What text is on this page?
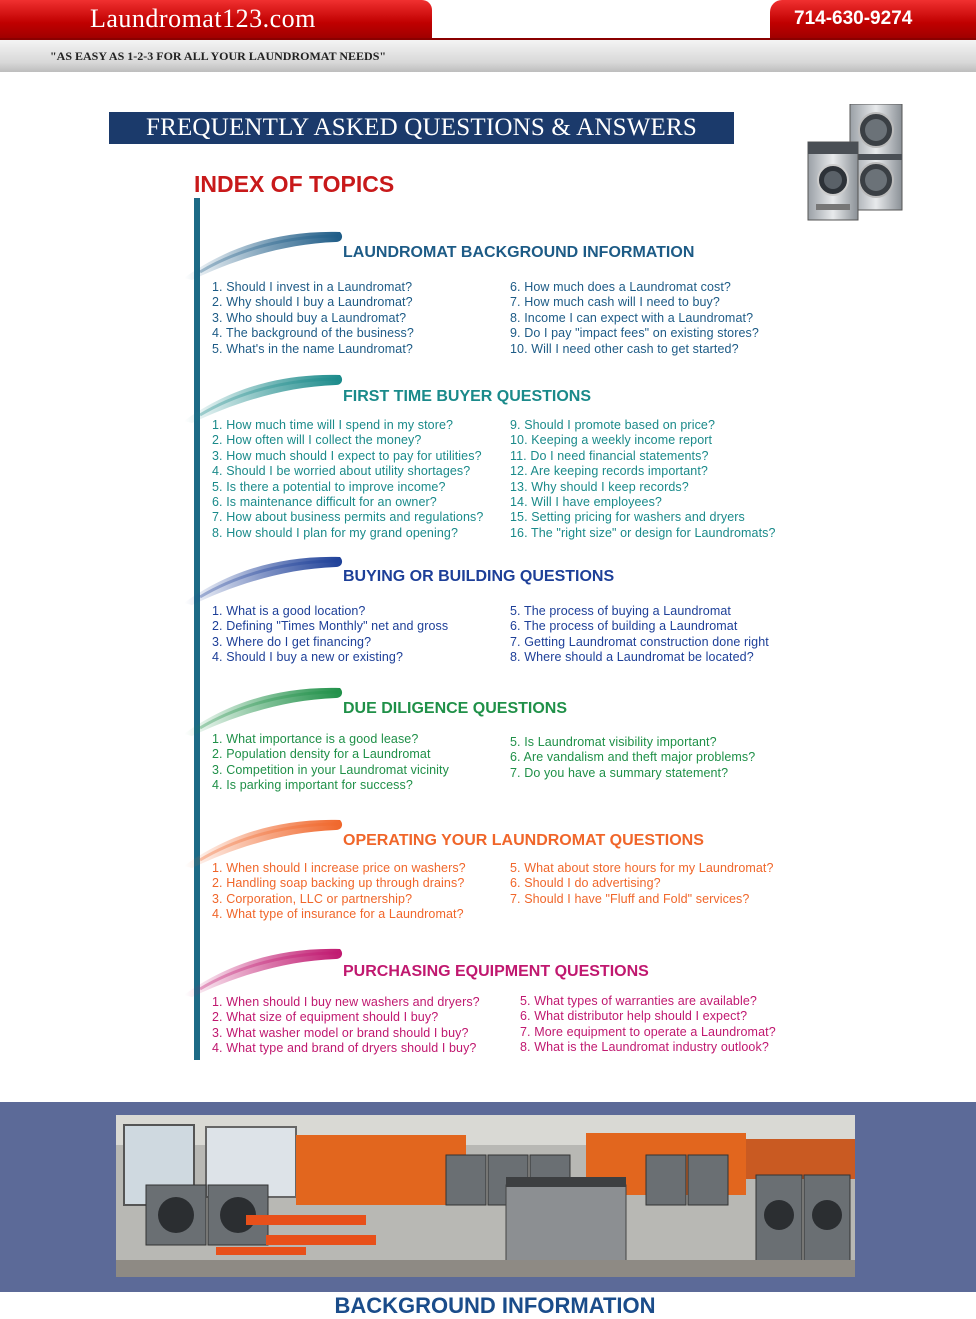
Laundromat123.com	714-630-9274
"AS EASY AS 1-2-3 FOR ALL YOUR LAUNDROMAT NEEDS"
FREQUENTLY ASKED QUESTIONS & ANSWERS
INDEX OF TOPICS
LAUNDROMAT BACKGROUND INFORMATION
1. Should I invest in a Laundromat?
2. Why should I buy a Laundromat?
3. Who should buy a Laundromat?
4. The background of the business?
5. What's in the name Laundromat?
6. How much does a Laundromat cost?
7. How much cash will I need to buy?
8. Income I can expect with a Laundromat?
9. Do I pay "impact fees" on existing stores?
10. Will I need other cash to get started?
FIRST TIME BUYER QUESTIONS
1. How much time will I spend in my store?
2. How often will I collect the money?
3. How much should I expect to pay for utilities?
4. Should I be worried about utility shortages?
5. Is there a potential to improve income?
6. Is maintenance difficult for an owner?
7. How about business permits and regulations?
8. How should I plan for my grand opening?
9. Should I promote based on price?
10. Keeping a weekly income report
11. Do I need financial statements?
12. Are keeping records important?
13. Why should I keep records?
14. Will I have employees?
15. Setting pricing for washers and dryers
16. The "right size" or design for Laundromats?
BUYING OR BUILDING QUESTIONS
1. What is a good location?
2. Defining "Times Monthly" net and gross
3. Where do I get financing?
4. Should I buy a new or existing?
5. The process of buying a Laundromat
6. The process of building a Laundromat
7. Getting Laundromat construction done right
8. Where should a Laundromat be located?
DUE DILIGENCE QUESTIONS
1. What importance is a good lease?
2. Population density for a Laundromat
3. Competition in your Laundromat vicinity
4. Is parking important for success?
5. Is Laundromat visibility important?
6. Are vandalism and theft major problems?
7. Do you have a summary statement?
OPERATING YOUR LAUNDROMAT QUESTIONS
1. When should I increase price on washers?
2. Handling soap backing up through drains?
3. Corporation, LLC or partnership?
4. What type of insurance for a Laundromat?
5. What about store hours for my Laundromat?
6. Should I do advertising?
7. Should I have "Fluff and Fold" services?
PURCHASING EQUIPMENT QUESTIONS
1. When should I buy new washers and dryers?
2. What size of equipment should I buy?
3. What washer model or brand should I buy?
4. What type and brand of dryers should I buy?
5. What types of warranties are available?
6. What distributor help should I expect?
7. More equipment to operate a Laundromat?
8. What is the Laundromat industry outlook?
BACKGROUND INFORMATION
